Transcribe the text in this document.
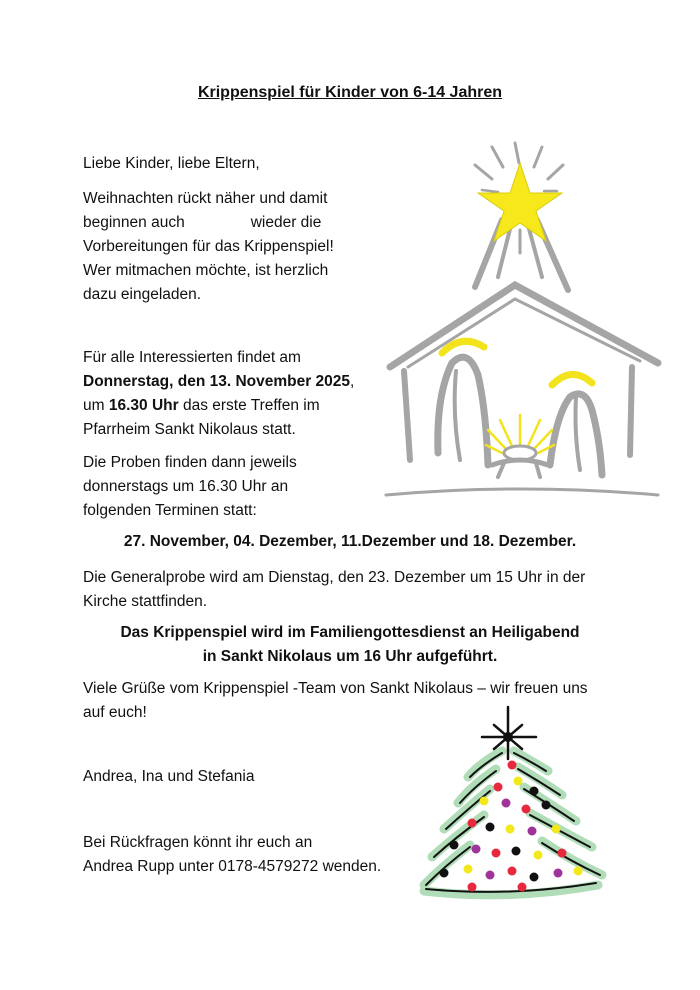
Krippenspiel für Kinder von 6-14 Jahren

Liebe Kinder, liebe Eltern,

Weihnachten rückt näher und damit

beginnen auch	wieder die

Vorbereitungen für das Krippenspiel!

Wer mitmachen möchte, ist herzlich

dazu eingeladen.

Für alle Interessierten findet am

Donnerstag, den 13. November 2025,

um 16.30 Uhr das erste Treffen im

Pfarrheim Sankt Nikolaus statt.

Die Proben finden dann jeweils

donnerstags um 16.30 Uhr an

folgenden Terminen statt:

27. November, 04. Dezember, 11.Dezember und 18. Dezember.

Die Generalprobe wird am Dienstag, den 23. Dezember um 15 Uhr in der

Kirche stattfinden.

Das Krippenspiel wird im Familiengottesdienst an Heiligabend

in Sankt Nikolaus um 16 Uhr aufgeführt.

Viele Grüße vom Krippenspiel -Team von Sankt Nikolaus – wir freuen uns

auf euch!

Andrea, Ina und Stefania

Bei Rückfragen könnt ihr euch an

Andrea Rupp unter 0178-4579272 wenden.
